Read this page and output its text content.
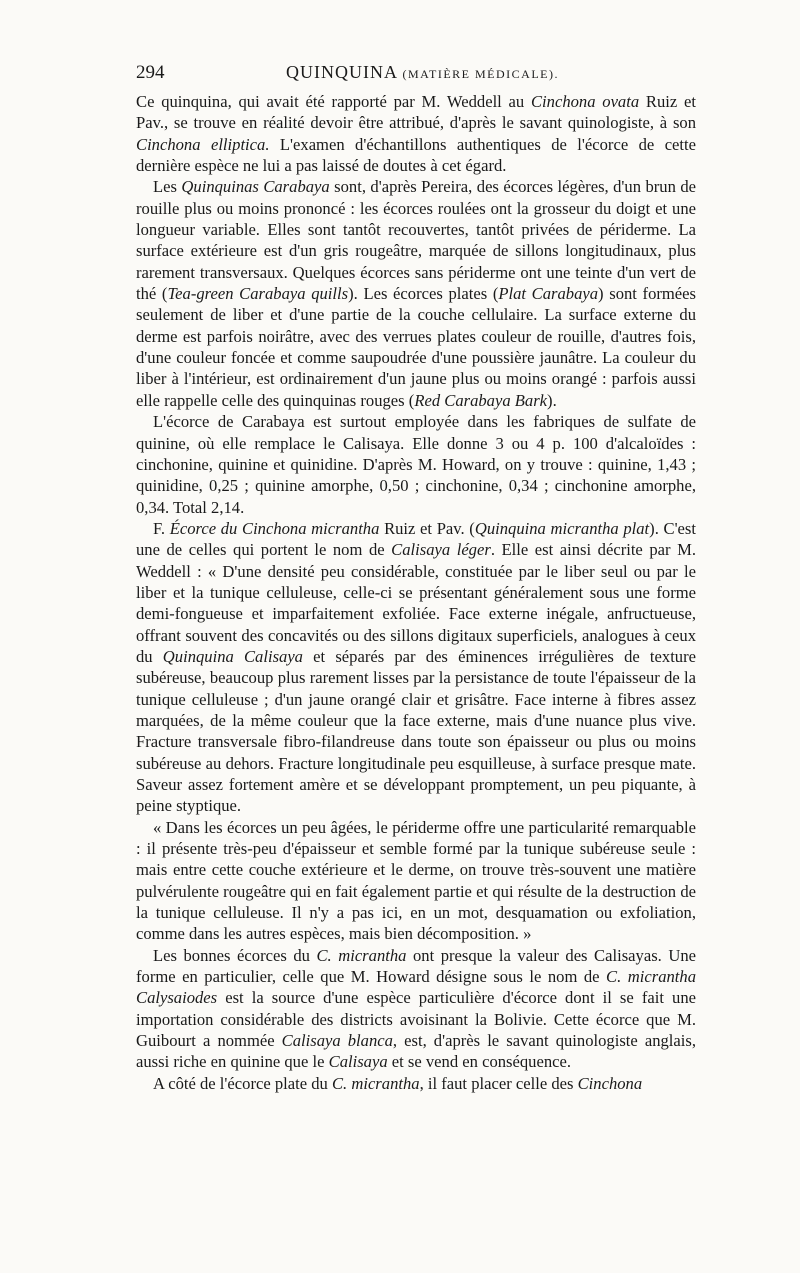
294	QUINQUINA (MATIÈRE MÉDICALE).

Ce quinquina, qui avait été rapporté par M. Weddell au Cinchona ovata Ruiz et Pav., se trouve en réalité devoir être attribué, d'après le savant quinologiste, à son Cinchona elliptica. L'examen d'échantillons authentiques de l'écorce de cette dernière espèce ne lui a pas laissé de doutes à cet égard.

Les Quinquinas Carabaya sont, d'après Pereira, des écorces légères, d'un brun de rouille plus ou moins prononcé : les écorces roulées ont la grosseur du doigt et une longueur variable. Elles sont tantôt recouvertes, tantôt privées de périderme. La surface extérieure est d'un gris rougeâtre, marquée de sillons longitudinaux, plus rarement transversaux. Quelques écorces sans périderme ont une teinte d'un vert de thé (Tea-green Carabaya quills). Les écorces plates (Plat Carabaya) sont formées seulement de liber et d'une partie de la couche cellulaire. La surface externe du derme est parfois noirâtre, avec des verrues plates couleur de rouille, d'autres fois, d'une couleur foncée et comme saupoudrée d'une poussière jaunâtre. La couleur du liber à l'intérieur, est ordinairement d'un jaune plus ou moins orangé : parfois aussi elle rappelle celle des quinquinas rouges (Red Carabaya Bark).

L'écorce de Carabaya est surtout employée dans les fabriques de sulfate de quinine, où elle remplace le Calisaya. Elle donne 3 ou 4 p. 100 d'alcaloïdes : cinchonine, quinine et quinidine. D'après M. Howard, on y trouve : quinine, 1,43 ; quinidine, 0,25 ; quinine amorphe, 0,50 ; cinchonine, 0,34 ; cinchonine amorphe, 0,34. Total 2,14.

F. Écorce du Cinchona micrantha Ruiz et Pav. (Quinquina micrantha plat). C'est une de celles qui portent le nom de Calisaya léger. Elle est ainsi décrite par M. Weddell : « D'une densité peu considérable, constituée par le liber seul ou par le liber et la tunique celluleuse, celle-ci se présentant généralement sous une forme demi-fongueuse et imparfaitement exfoliée. Face externe inégale, anfructueuse, offrant souvent des concavités ou des sillons digitaux superficiels, analogues à ceux du Quinquina Calisaya et séparés par des éminences irrégulières de texture subéreuse, beaucoup plus rarement lisses par la persistance de toute l'épaisseur de la tunique celluleuse ; d'un jaune orangé clair et grisâtre. Face interne à fibres assez marquées, de la même couleur que la face externe, mais d'une nuance plus vive. Fracture transversale fibro-filandreuse dans toute son épaisseur ou plus ou moins subéreuse au dehors. Fracture longitudinale peu esquilleuse, à surface presque mate. Saveur assez fortement amère et se développant promptement, un peu piquante, à peine styptique.

« Dans les écorces un peu âgées, le périderme offre une particularité remarquable : il présente très-peu d'épaisseur et semble formé par la tunique subéreuse seule : mais entre cette couche extérieure et le derme, on trouve très-souvent une matière pulvérulente rougeâtre qui en fait également partie et qui résulte de la destruction de la tunique celluleuse. Il n'y a pas ici, en un mot, desquamation ou exfoliation, comme dans les autres espèces, mais bien décomposition. »

Les bonnes écorces du C. micrantha ont presque la valeur des Calisayas. Une forme en particulier, celle que M. Howard désigne sous le nom de C. micrantha Calysaiodes est la source d'une espèce particulière d'écorce dont il se fait une importation considérable des districts avoisinant la Bolivie. Cette écorce que M. Guibourt a nommée Calisaya blanca, est, d'après le savant quinologiste anglais, aussi riche en quinine que le Calisaya et se vend en conséquence.

A côté de l'écorce plate du C. micrantha, il faut placer celle des Cinchona
